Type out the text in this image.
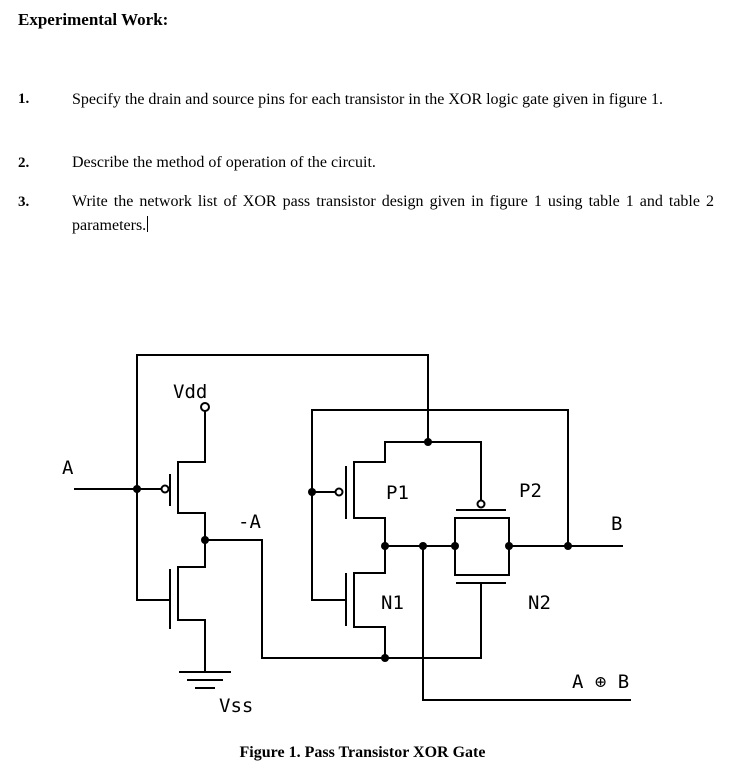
Experimental Work:
1.	Specify the drain and source pins for each transistor in the XOR logic gate given in figure 1.
2.	Describe the method of operation of the circuit.
3.	Write the network list of XOR pass transistor design given in figure 1 using table 1 and table 2 parameters.
Vdd
A
-A
P1	P2
B
N1	N2
A ⊕ B
Vss
Figure 1. Pass Transistor XOR Gate
